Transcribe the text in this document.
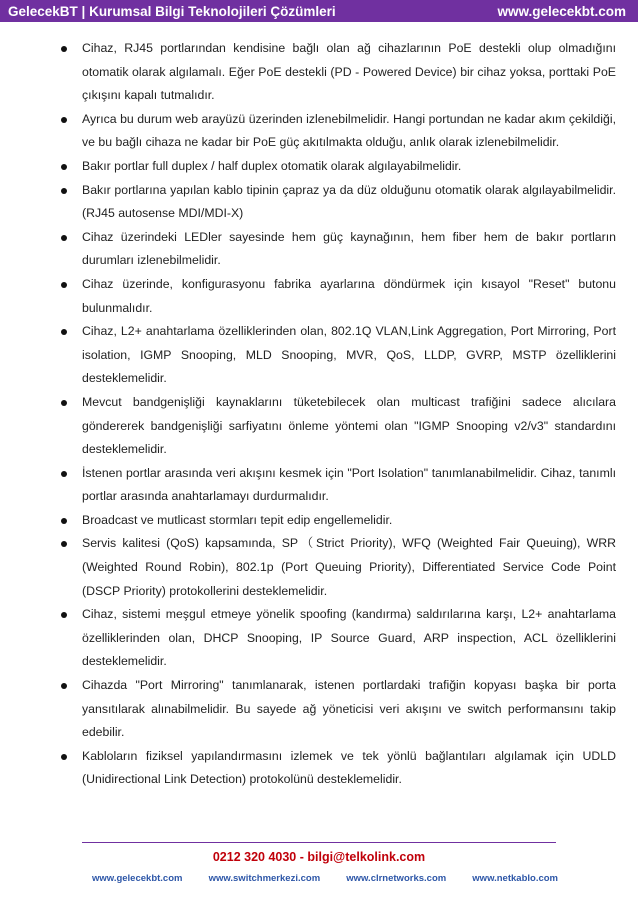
GelecekBT | Kurumsal Bilgi Teknolojileri Çözümleri	www.gelecekbt.com
Cihaz, RJ45 portlarından kendisine bağlı olan ağ cihazlarının PoE destekli olup olmadığını otomatik olarak algılamalı. Eğer PoE destekli (PD - Powered Device) bir cihaz yoksa, porttaki PoE çıkışını kapalı tutmalıdır.
Ayrıca bu durum web arayüzü üzerinden izlenebilmelidir. Hangi portundan ne kadar akım çekildiği, ve bu bağlı cihaza ne kadar bir PoE güç akıtılmakta olduğu, anlık olarak izlenebilmelidir.
Bakır portlar full duplex / half duplex otomatik olarak algılayabilmelidir.
Bakır portlarına yapılan kablo tipinin çapraz ya da düz olduğunu otomatik olarak algılayabilmelidir. (RJ45 autosense MDI/MDI-X)
Cihaz üzerindeki LEDler sayesinde hem güç kaynağının, hem fiber hem de bakır portların durumları izlenebilmelidir.
Cihaz üzerinde, konfigurasyonu fabrika ayarlarına döndürmek için kısayol "Reset" butonu bulunmalıdır.
Cihaz, L2+ anahtarlama özelliklerinden olan, 802.1Q VLAN,Link Aggregation, Port Mirroring, Port isolation, IGMP Snooping, MLD Snooping, MVR, QoS, LLDP, GVRP, MSTP özelliklerini desteklemelidir.
Mevcut bandgenişliği kaynaklarını tüketebilecek olan multicast trafiğini sadece alıcılara göndererek bandgenişliği sarfiyatını önleme yöntemi olan "IGMP Snooping v2/v3" standardını desteklemelidir.
İstenen portlar arasında veri akışını kesmek için "Port Isolation" tanımlanabilmelidir. Cihaz, tanımlı portlar arasında anahtarlamayı durdurmalıdır.
Broadcast ve mutlicast stormları tepit edip engellemelidir.
Servis kalitesi (QoS) kapsamında, SP（Strict Priority), WFQ (Weighted Fair Queuing), WRR (Weighted Round Robin), 802.1p (Port Queuing Priority), Differentiated Service Code Point (DSCP Priority) protokollerini desteklemelidir.
Cihaz, sistemi meşgul etmeye yönelik spoofing (kandırma) saldırılarına karşı, L2+ anahtarlama özelliklerinden olan, DHCP Snooping, IP Source Guard, ARP inspection, ACL özelliklerini desteklemelidir.
Cihazda "Port Mirroring" tanımlanarak, istenen portlardaki trafiğin kopyası başka bir porta yansıtılarak alınabilmelidir. Bu sayede ağ yöneticisi veri akışını ve switch performansını takip edebilir.
Kabloların fiziksel yapılandırmasını izlemek ve tek yönlü bağlantıları algılamak için UDLD (Unidirectional Link Detection) protokolünü desteklemelidir.
0212 320 4030 - bilgi@telkolink.com
www.gelecekbt.com	www.switchmerkezi.com	www.clrnetworks.com	www.netkablo.com
